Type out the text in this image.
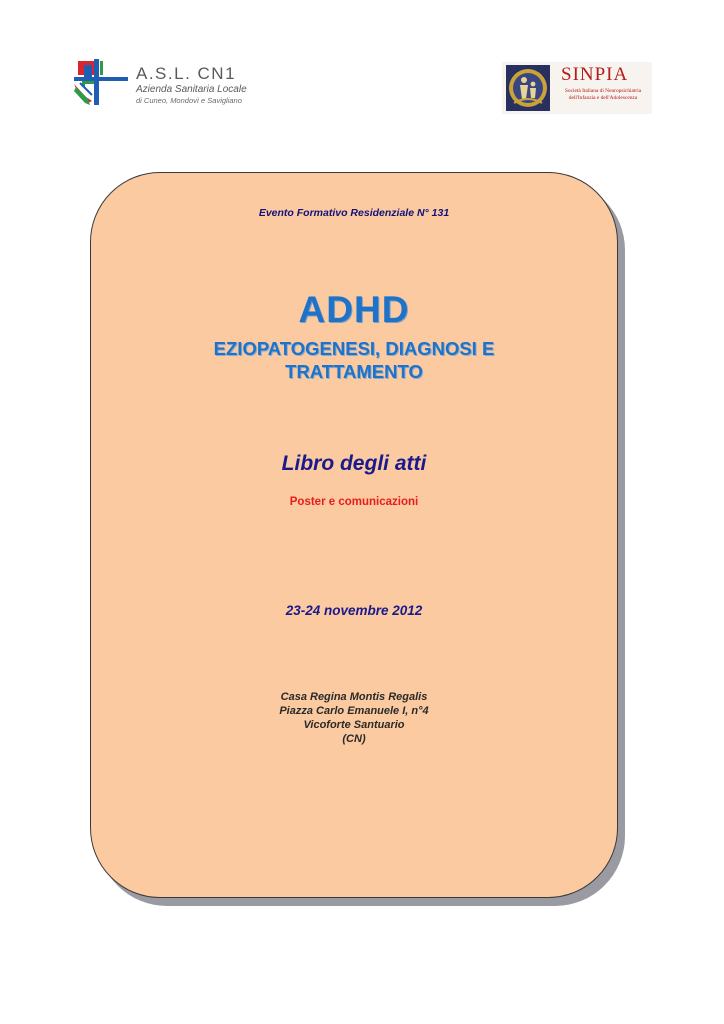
A.S.L. CN1
Azienda Sanitaria Locale
di Cuneo, Mondovì e Savigliano
SINPIA
Società Italiana di Neuropsichiatria
dell'Infanzia e dell'Adolescenza
Evento Formativo Residenziale N° 131
ADHD
EZIOPATOGENESI, DIAGNOSI E
TRATTAMENTO
Libro degli atti
Poster e comunicazioni
23-24 novembre 2012
Casa Regina Montis Regalis
Piazza Carlo Emanuele I, n°4
Vicoforte Santuario
(CN)
